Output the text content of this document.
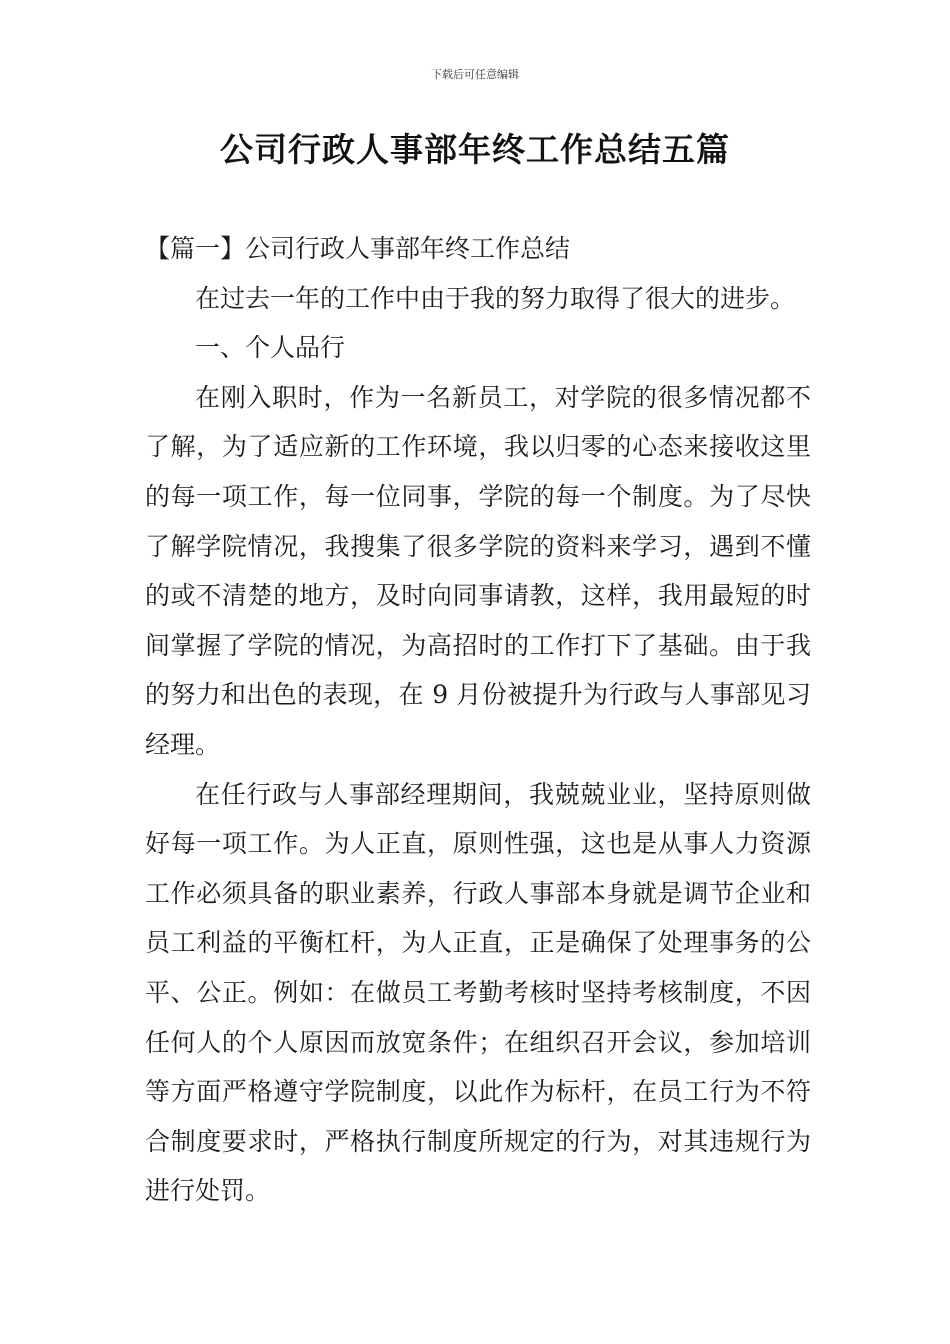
下载后可任意编辑
公司行政人事部年终工作总结五篇

【篇一】公司行政人事部年终工作总结

在过去一年的工作中由于我的努力取得了很大的进步。

一、个人品行

在刚入职时，作为一名新员工，对学院的很多情况都不了解，为了适应新的工作环境，我以归零的心态来接收这里的每一项工作，每一位同事，学院的每一个制度。为了尽快了解学院情况，我搜集了很多学院的资料来学习，遇到不懂的或不清楚的地方，及时向同事请教，这样，我用最短的时间掌握了学院的情况，为高招时的工作打下了基础。由于我的努力和出色的表现，在 9 月份被提升为行政与人事部见习经理。

在任行政与人事部经理期间，我兢兢业业，坚持原则做好每一项工作。为人正直，原则性强，这也是从事人力资源工作必须具备的职业素养，行政人事部本身就是调节企业和员工利益的平衡杠杆，为人正直，正是确保了处理事务的公平、公正。例如：在做员工考勤考核时坚持考核制度，不因任何人的个人原因而放宽条件；在组织召开会议，参加培训等方面严格遵守学院制度，以此作为标杆，在员工行为不符合制度要求时，严格执行制度所规定的行为，对其违规行为进行处罚。
